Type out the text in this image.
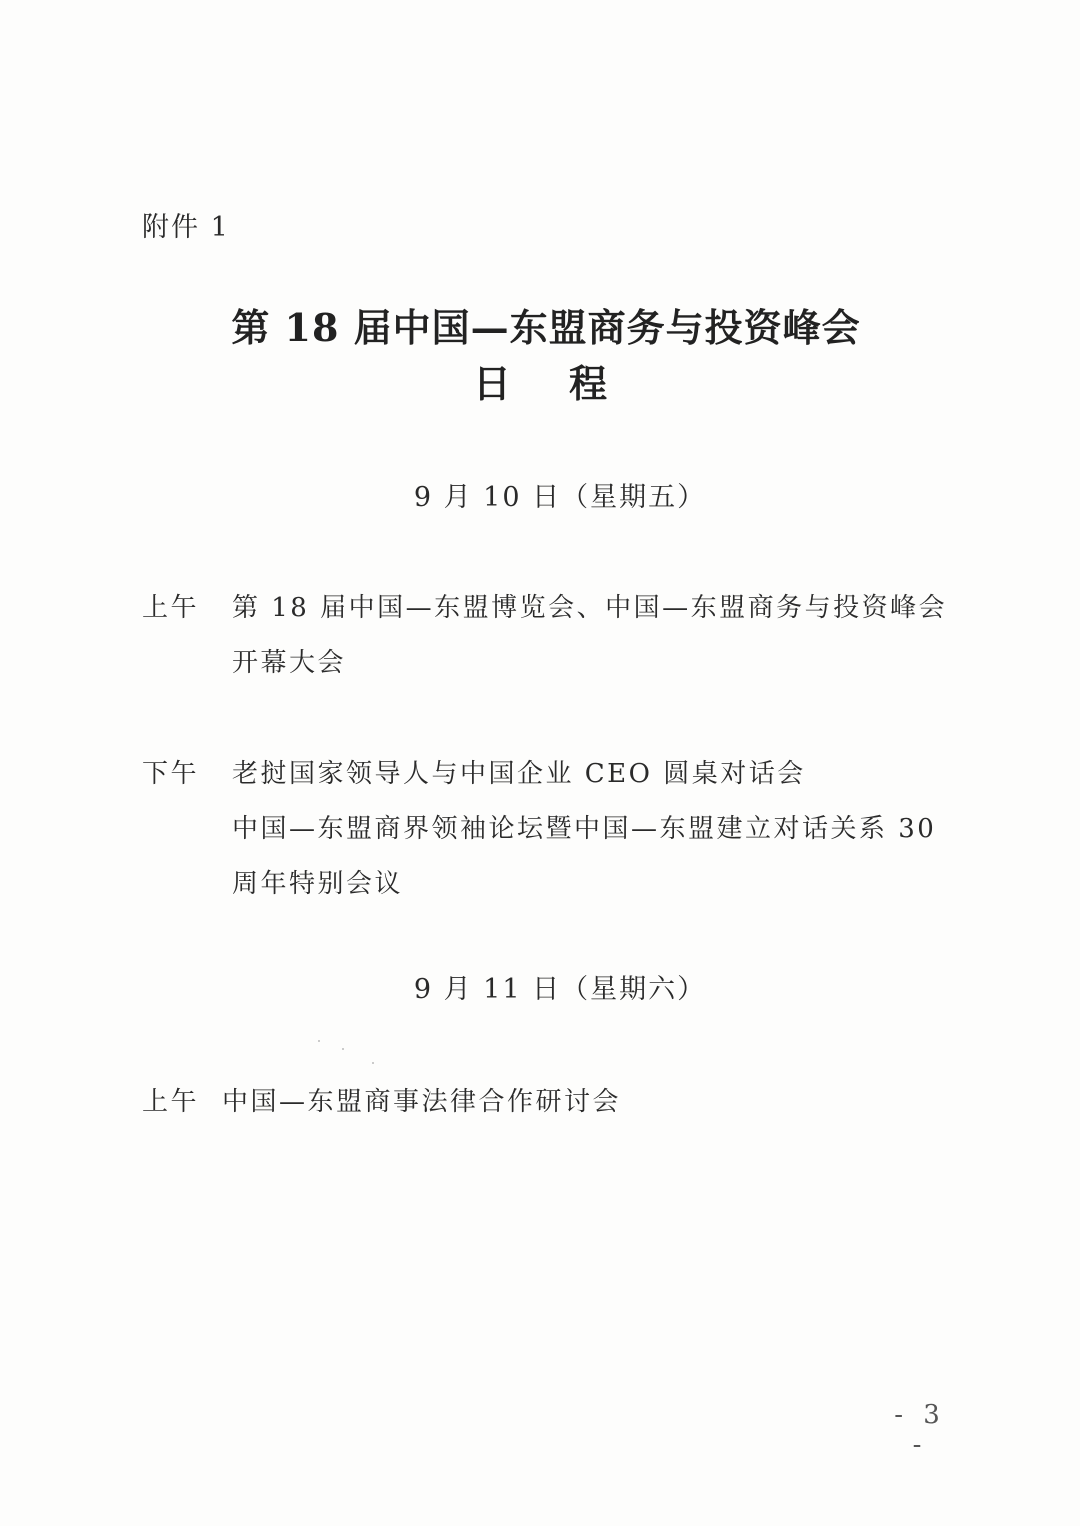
附件 1
第 18 届中国—东盟商务与投资峰会
日程
9 月 10 日（星期五）
上午	第 18 届中国—东盟博览会、中国—东盟商务与投资峰会
开幕大会
下午	老挝国家领导人与中国企业 CEO 圆桌对话会
中国—东盟商界领袖论坛暨中国—东盟建立对话关系 30
周年特别会议
9 月 11 日（星期六）
上午 中国—东盟商事法律合作研讨会
- 3 -
